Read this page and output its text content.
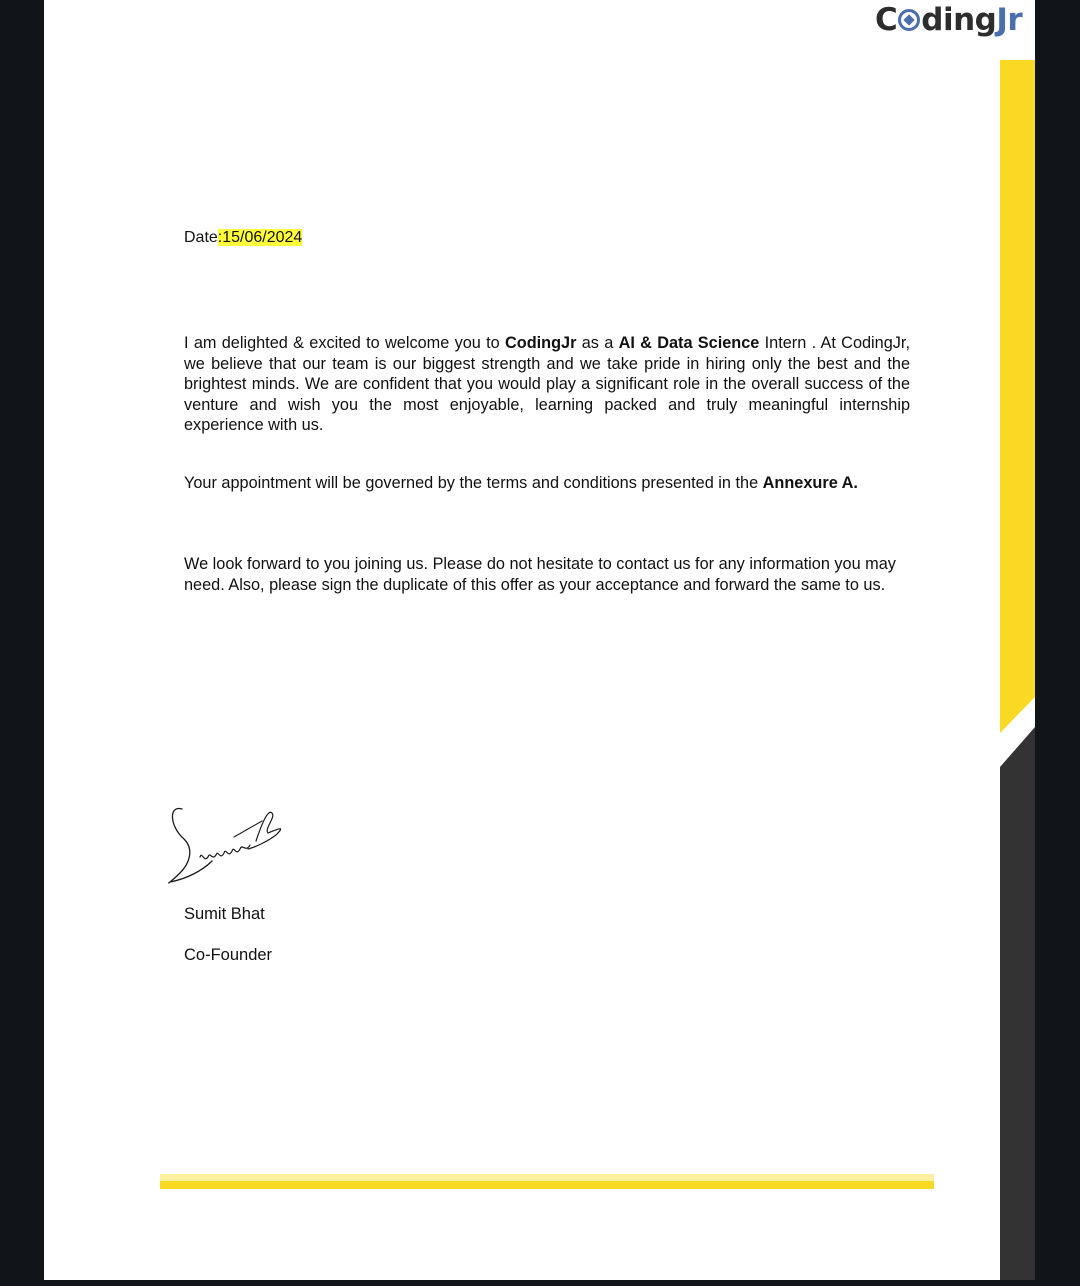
C dingJr
Date:15/06/2024

I am delighted & excited to welcome you to CodingJr as a AI & Data Science Intern . At CodingJr, we believe that our team is our biggest strength and we take pride in hiring only the best and the brightest minds. We are confident that you would play a significant role in the overall success of the venture and wish you the most enjoyable, learning packed and truly meaningful internship experience with us.

Your appointment will be governed by the terms and conditions presented in the Annexure A.

We look forward to you joining us. Please do not hesitate to contact us for any information you may need. Also, please sign the duplicate of this offer as your acceptance and forward the same to us.

Sumit Bhat
Co-Founder
